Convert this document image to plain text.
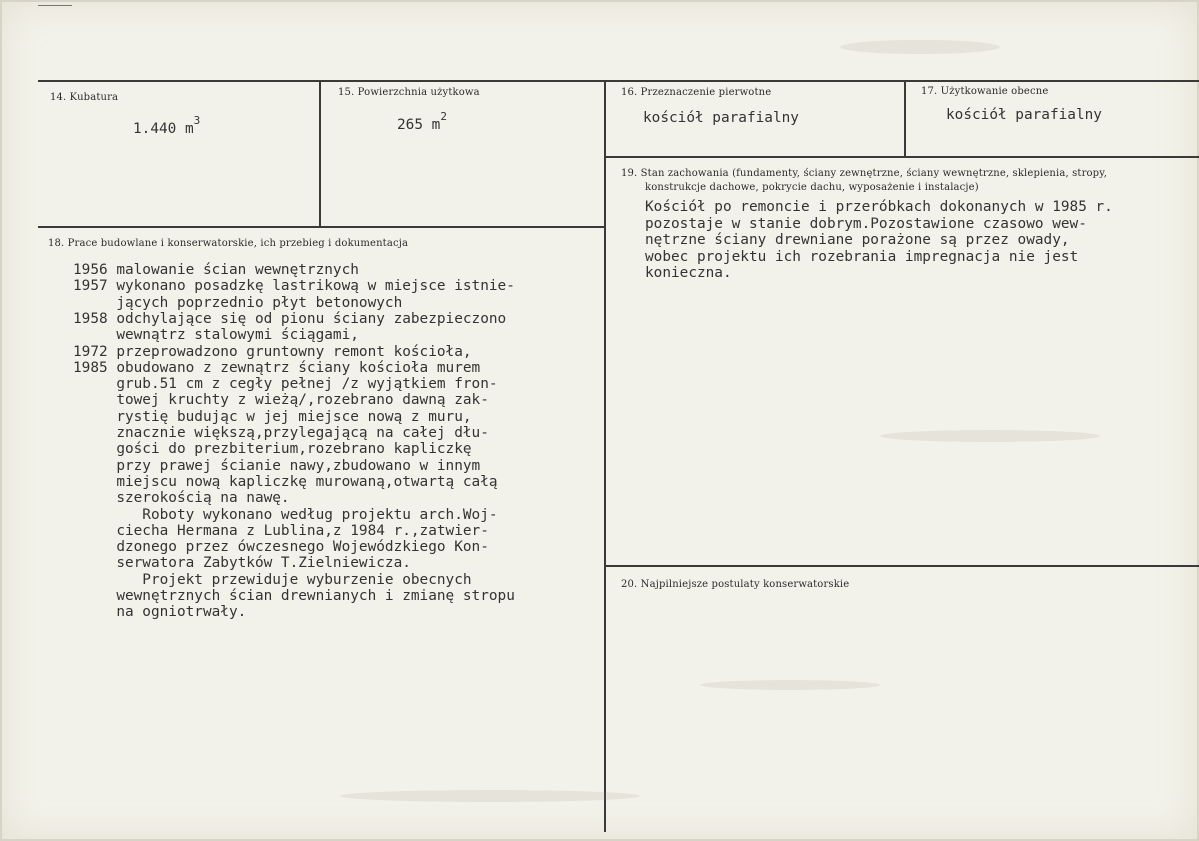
14. Kubatura
1.440 $m^3$
15. Powierzchnia użytkowa
265 $m^2$
16. Przeznaczenie pierwotne
kościół parafialny
17. Użytkowanie obecne
kościół parafialny
18. Prace budowlane i konserwatorskie, ich przebieg i dokumentacja

1956 malowanie ścian wewnętrznych
1957 wykonano posadzkę lastrikową w miejsce istnie-
jących poprzednio płyt betonowych
1958 odchylające się od pionu ściany zabezpieczono
wewnątrz stalowymi ściągami,
1972 przeprowadzono gruntowny remont kościoła,
1985 obudowano z zewnątrz ściany kościoła murem
grub.51 cm z cegły pełnej /z wyjątkiem fron-
towej kruchty z wieżą/,rozebrano dawną zak-
rystię budując w jej miejsce nową z muru,
znacznie większą,przylegającą na całej dłu-
gości do prezbiterium,rozebrano kapliczkę
przy prawej ścianie nawy,zbudowano w innym
miejscu nową kapliczkę murowaną,otwartą całą
szerokością na nawę.
Roboty wykonano według projektu arch.Woj-
ciecha Hermana z Lublina,z 1984 r.,zatwier-
dzonego przez ówczesnego Wojewódzkiego Kon-
serwatora Zabytków T.Zielniewicza.
Projekt przewiduje wyburzenie obecnych
wewnętrznych ścian drewnianych i zmianę stropu
na ogniotrwały.

19. Stan zachowania (fundamenty, ściany zewnętrzne, ściany wewnętrzne, sklepienia, stropy,
konstrukcje dachowe, pokrycie dachu, wyposażenie i instalacje)

Kościół po remoncie i przeróbkach dokonanych w 1985 r.
pozostaje w stanie dobrym.Pozostawione czasowo wew-
nętrzne ściany drewniane porażone są przez owady,
wobec projektu ich rozebrania impregnacja nie jest
konieczna.

20. Najpilniejsze postulaty konserwatorskie
